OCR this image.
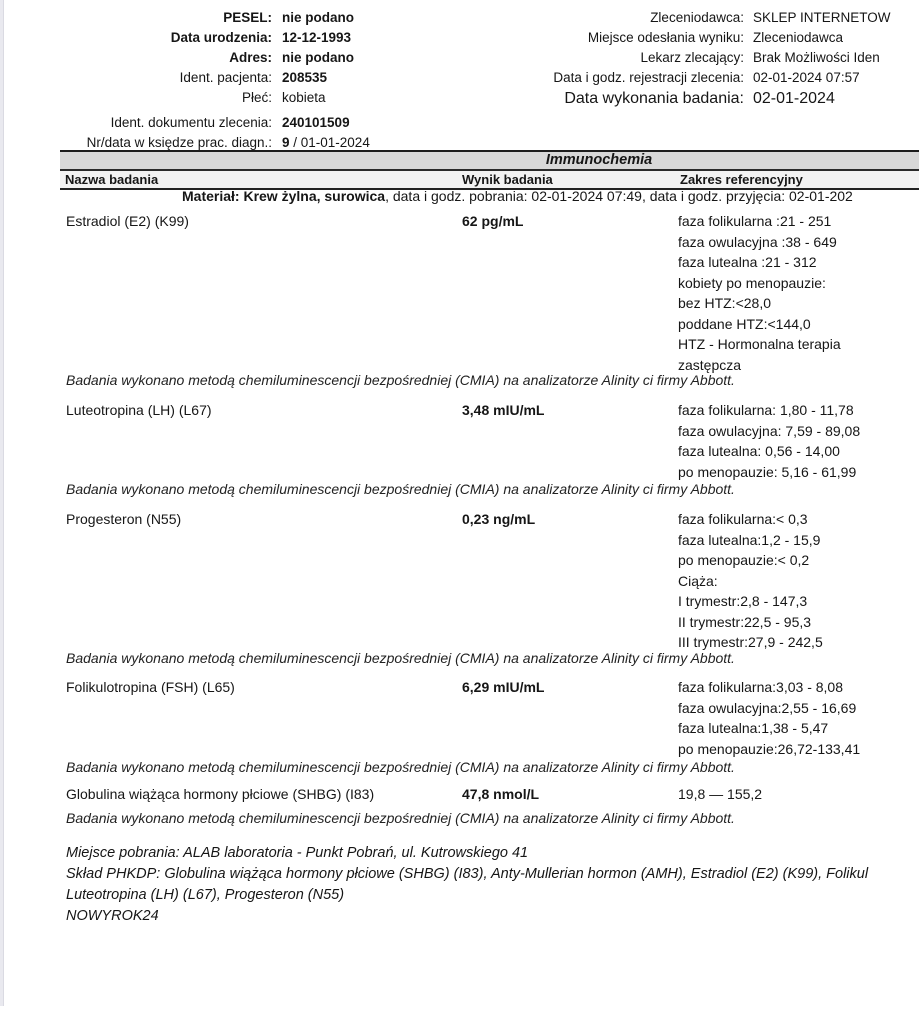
PESEL: nie podano
Data urodzenia: 12-12-1993
Adres: nie podano
Ident. pacjenta: 208535
Płeć: kobieta
Ident. dokumentu zlecenia: 240101509
Nr/data w księdze prac. diagn.: 9 / 01-01-2024
Zleceniodawca: SKLEP INTERNETOW
Miejsce odesłania wyniku: Zleceniodawca
Lekarz zlecający: Brak Możliwości Iden
Data i godz. rejestracji zlecenia: 02-01-2024 07:57
Data wykonania badania: 02-01-2024
Immunochemia
Nazwa badania	Wynik badania	Zakres referencyjny
Materiał: Krew żylna, surowica, data i godz. pobrania: 02-01-2024 07:49, data i godz. przyjęcia: 02-01-202
Estradiol (E2) (K99)	62 pg/mL	faza folikularna :21 - 251
faza owulacyjna :38 - 649
faza lutealna :21 - 312
kobiety po menopauzie:
bez HTZ:<28,0
poddane HTZ:<144,0
HTZ - Hormonalna terapia
zastępcza
Badania wykonano metodą chemiluminescencji bezpośredniej (CMIA) na analizatorze Alinity ci firmy Abbott.
Luteotropina (LH) (L67)	3,48 mIU/mL	faza folikularna: 1,80 - 11,78
faza owulacyjna: 7,59 - 89,08
faza lutealna: 0,56 - 14,00
po menopauzie: 5,16 - 61,99
Badania wykonano metodą chemiluminescencji bezpośredniej (CMIA) na analizatorze Alinity ci firmy Abbott.
Progesteron (N55)	0,23 ng/mL	faza folikularna:< 0,3
faza lutealna:1,2 - 15,9
po menopauzie:< 0,2
Ciąża:
I trymestr:2,8 - 147,3
II trymestr:22,5 - 95,3
III trymestr:27,9 - 242,5
Badania wykonano metodą chemiluminescencji bezpośredniej (CMIA) na analizatorze Alinity ci firmy Abbott.
Folikulotropina (FSH) (L65)	6,29 mIU/mL	faza folikularna:3,03 - 8,08
faza owulacyjna:2,55 - 16,69
faza lutealna:1,38 - 5,47
po menopauzie:26,72-133,41
Badania wykonano metodą chemiluminescencji bezpośredniej (CMIA) na analizatorze Alinity ci firmy Abbott.
Globulina wiążąca hormony płciowe (SHBG) (I83)	47,8 nmol/L	19,8 — 155,2
Badania wykonano metodą chemiluminescencji bezpośredniej (CMIA) na analizatorze Alinity ci firmy Abbott.
Miejsce pobrania: ALAB laboratoria - Punkt Pobrań, ul. Kutrowskiego 41
Skład PHKDP: Globulina wiążąca hormony płciowe (SHBG) (I83), Anty-Mullerian hormon (AMH), Estradiol (E2) (K99), Folikul
Luteotropina (LH) (L67), Progesteron (N55)
NOWYROK24
